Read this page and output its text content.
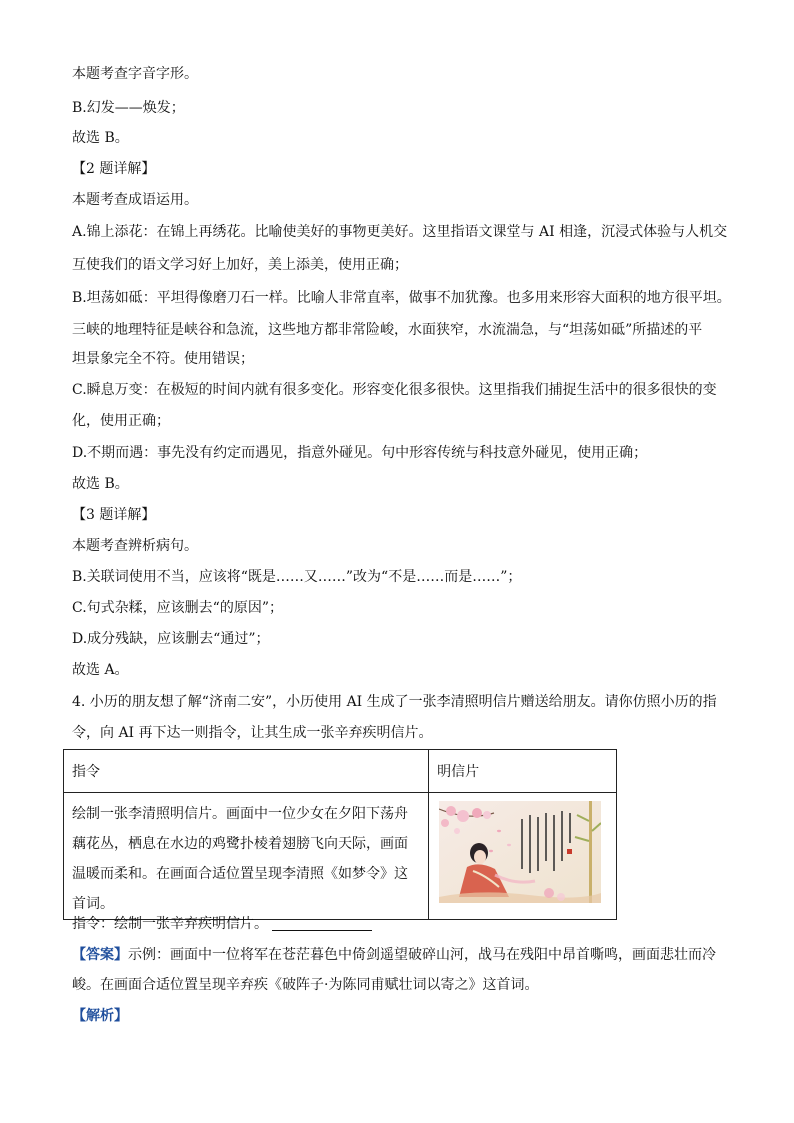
本题考查字音字形。
B.幻发——焕发；
故选 B。
【2 题详解】
本题考查成语运用。
A.锦上添花：在锦上再绣花。比喻使美好的事物更美好。这里指语文课堂与 AI 相逢，沉浸式体验与人机交
互使我们的语文学习好上加好，美上添美，使用正确；
B.坦荡如砥：平坦得像磨刀石一样。比喻人非常直率，做事不加犹豫。也多用来形容大面积的地方很平坦。
三峡的地理特征是峡谷和急流，这些地方都非常险峻，水面狭窄，水流湍急，与“坦荡如砥”所描述的平
坦景象完全不符。使用错误；
C.瞬息万变：在极短的时间内就有很多变化。形容变化很多很快。这里指我们捕捉生活中的很多很快的变
化，使用正确；
D.不期而遇：事先没有约定而遇见，指意外碰见。句中形容传统与科技意外碰见，使用正确；
故选 B。
【3 题详解】
本题考查辨析病句。
B.关联词使用不当，应该将“既是……又……”改为“不是……而是……”；
C.句式杂糅，应该删去“的原因”；
D.成分残缺，应该删去“通过”；
故选 A。
4. 小历的朋友想了解“济南二安”，小历使用 AI 生成了一张李清照明信片赠送给朋友。请你仿照小历的指
令，向 AI 再下达一则指令，让其生成一张辛弃疾明信片。
指令	明信片
绘制一张李清照明信片。画面中一位少女在夕阳下荡舟藕花丛，栖息在水边的鸡鹭扑棱着翅膀飞向天际，画面温暖而柔和。在画面合适位置呈现李清照《如梦令》这首词。	
指令：绘制一张辛弃疾明信片。
【答案】示例：画面中一位将军在苍茫暮色中倚剑遥望破碎山河，战马在残阳中昂首嘶鸣，画面悲壮而冷
峻。在画面合适位置呈现辛弃疾《破阵子·为陈同甫赋壮词以寄之》这首词。
【解析】
